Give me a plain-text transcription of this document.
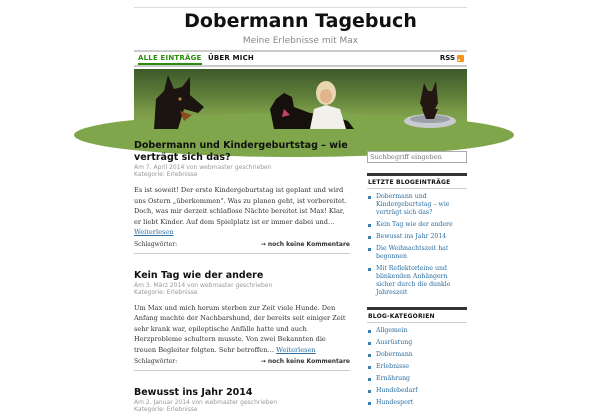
Dobermann Tagebuch
Meine Erlebnisse mit Max
ALLE EINTRÄGE ÜBER MICH	RSS
Dobermann und Kindergeburtstag – wie verträgt sich das?
Am 7. April 2014 von webmaster geschrieben
Kategorie: Erlebnisse
Es ist soweit! Der erste Kindergeburtstag ist geplant und wird uns Ostern „überkommen". Was zu planen geht, ist vorbereitet. Doch, was mir derzeit schlaflose Nächte bereitet ist Max! Klar, er liebt Kinder. Auf dem Spielplatz ist er immer dabei und… Weiterlesen
Schlagwörter:	→ noch keine Kommentare
Kein Tag wie der andere
Am 3. März 2014 von webmaster geschrieben
Kategorie: Erlebnisse
Um Max und mich herum sterben zur Zeit viele Hunde. Den Anfang machte der Nachbarshund, der bereits seit einiger Zeit sehr krank war, epileptische Anfälle hatte und auch Herzprobleme schultern musste. Von zwei Bekannten die treuen Begleiter folgten. Sehr betroffen… Weiterlesen
Schlagwörter:	→ noch keine Kommentare
Bewusst ins Jahr 2014
Am 2. Januar 2014 von webmaster geschrieben
Kategorie: Erlebnisse
Suchbegriff eingeben
LETZTE BLOGEINTRÄGE
Dobermann und Kindergeburtstag – wie verträgt sich das?
Kein Tag wie der andere
Bewusst ins Jahr 2014
Die Weihnachtszeit hat begonnen
Mit Reflektorleine und blinkenden Anhängern sicher durch die dunkle Jahreszeit
BLOG-KATEGORIEN
Allgemein
Ausrüstung
Dobermann
Erlebnisse
Ernährung
Hundebedarf
Hundesport
